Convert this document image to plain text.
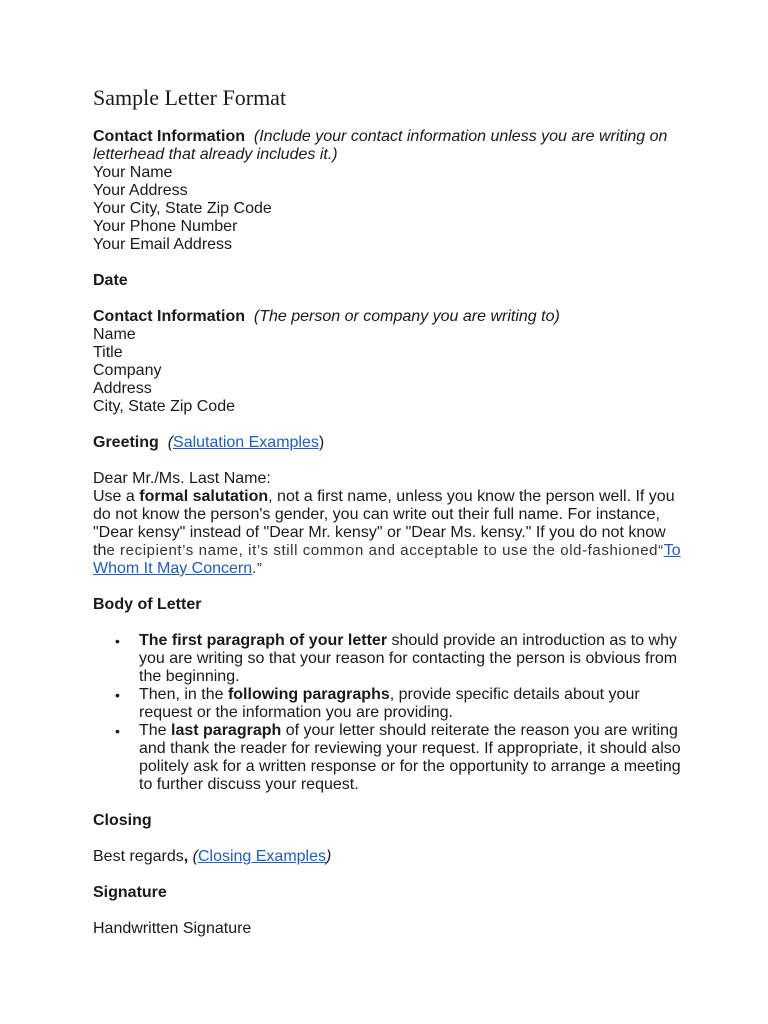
Sample Letter Format
Contact Information (Include your contact information unless you are writing on letterhead that already includes it.)
Your Name
Your Address
Your City, State Zip Code
Your Phone Number
Your Email Address
Date
Contact Information (The person or company you are writing to)
Name
Title
Company
Address
City, State Zip Code
Greeting (Salutation Examples)
Dear Mr./Ms. Last Name:
Use a formal salutation, not a first name, unless you know the person well. If you do not know the person's gender, you can write out their full name. For instance, "Dear kensy" instead of "Dear Mr. kensy" or "Dear Ms. kensy." If you do not know the recipient’s name, it’s still common and acceptable to use the old-fashioned“To Whom It May Concern.”
Body of Letter
• The first paragraph of your letter should provide an introduction as to why you are writing so that your reason for contacting the person is obvious from the beginning.
• Then, in the following paragraphs, provide specific details about your request or the information you are providing.
• The last paragraph of your letter should reiterate the reason you are writing and thank the reader for reviewing your request. If appropriate, it should also politely ask for a written response or for the opportunity to arrange a meeting to further discuss your request.
Closing
Best regards, (Closing Examples)
Signature
Handwritten Signature
